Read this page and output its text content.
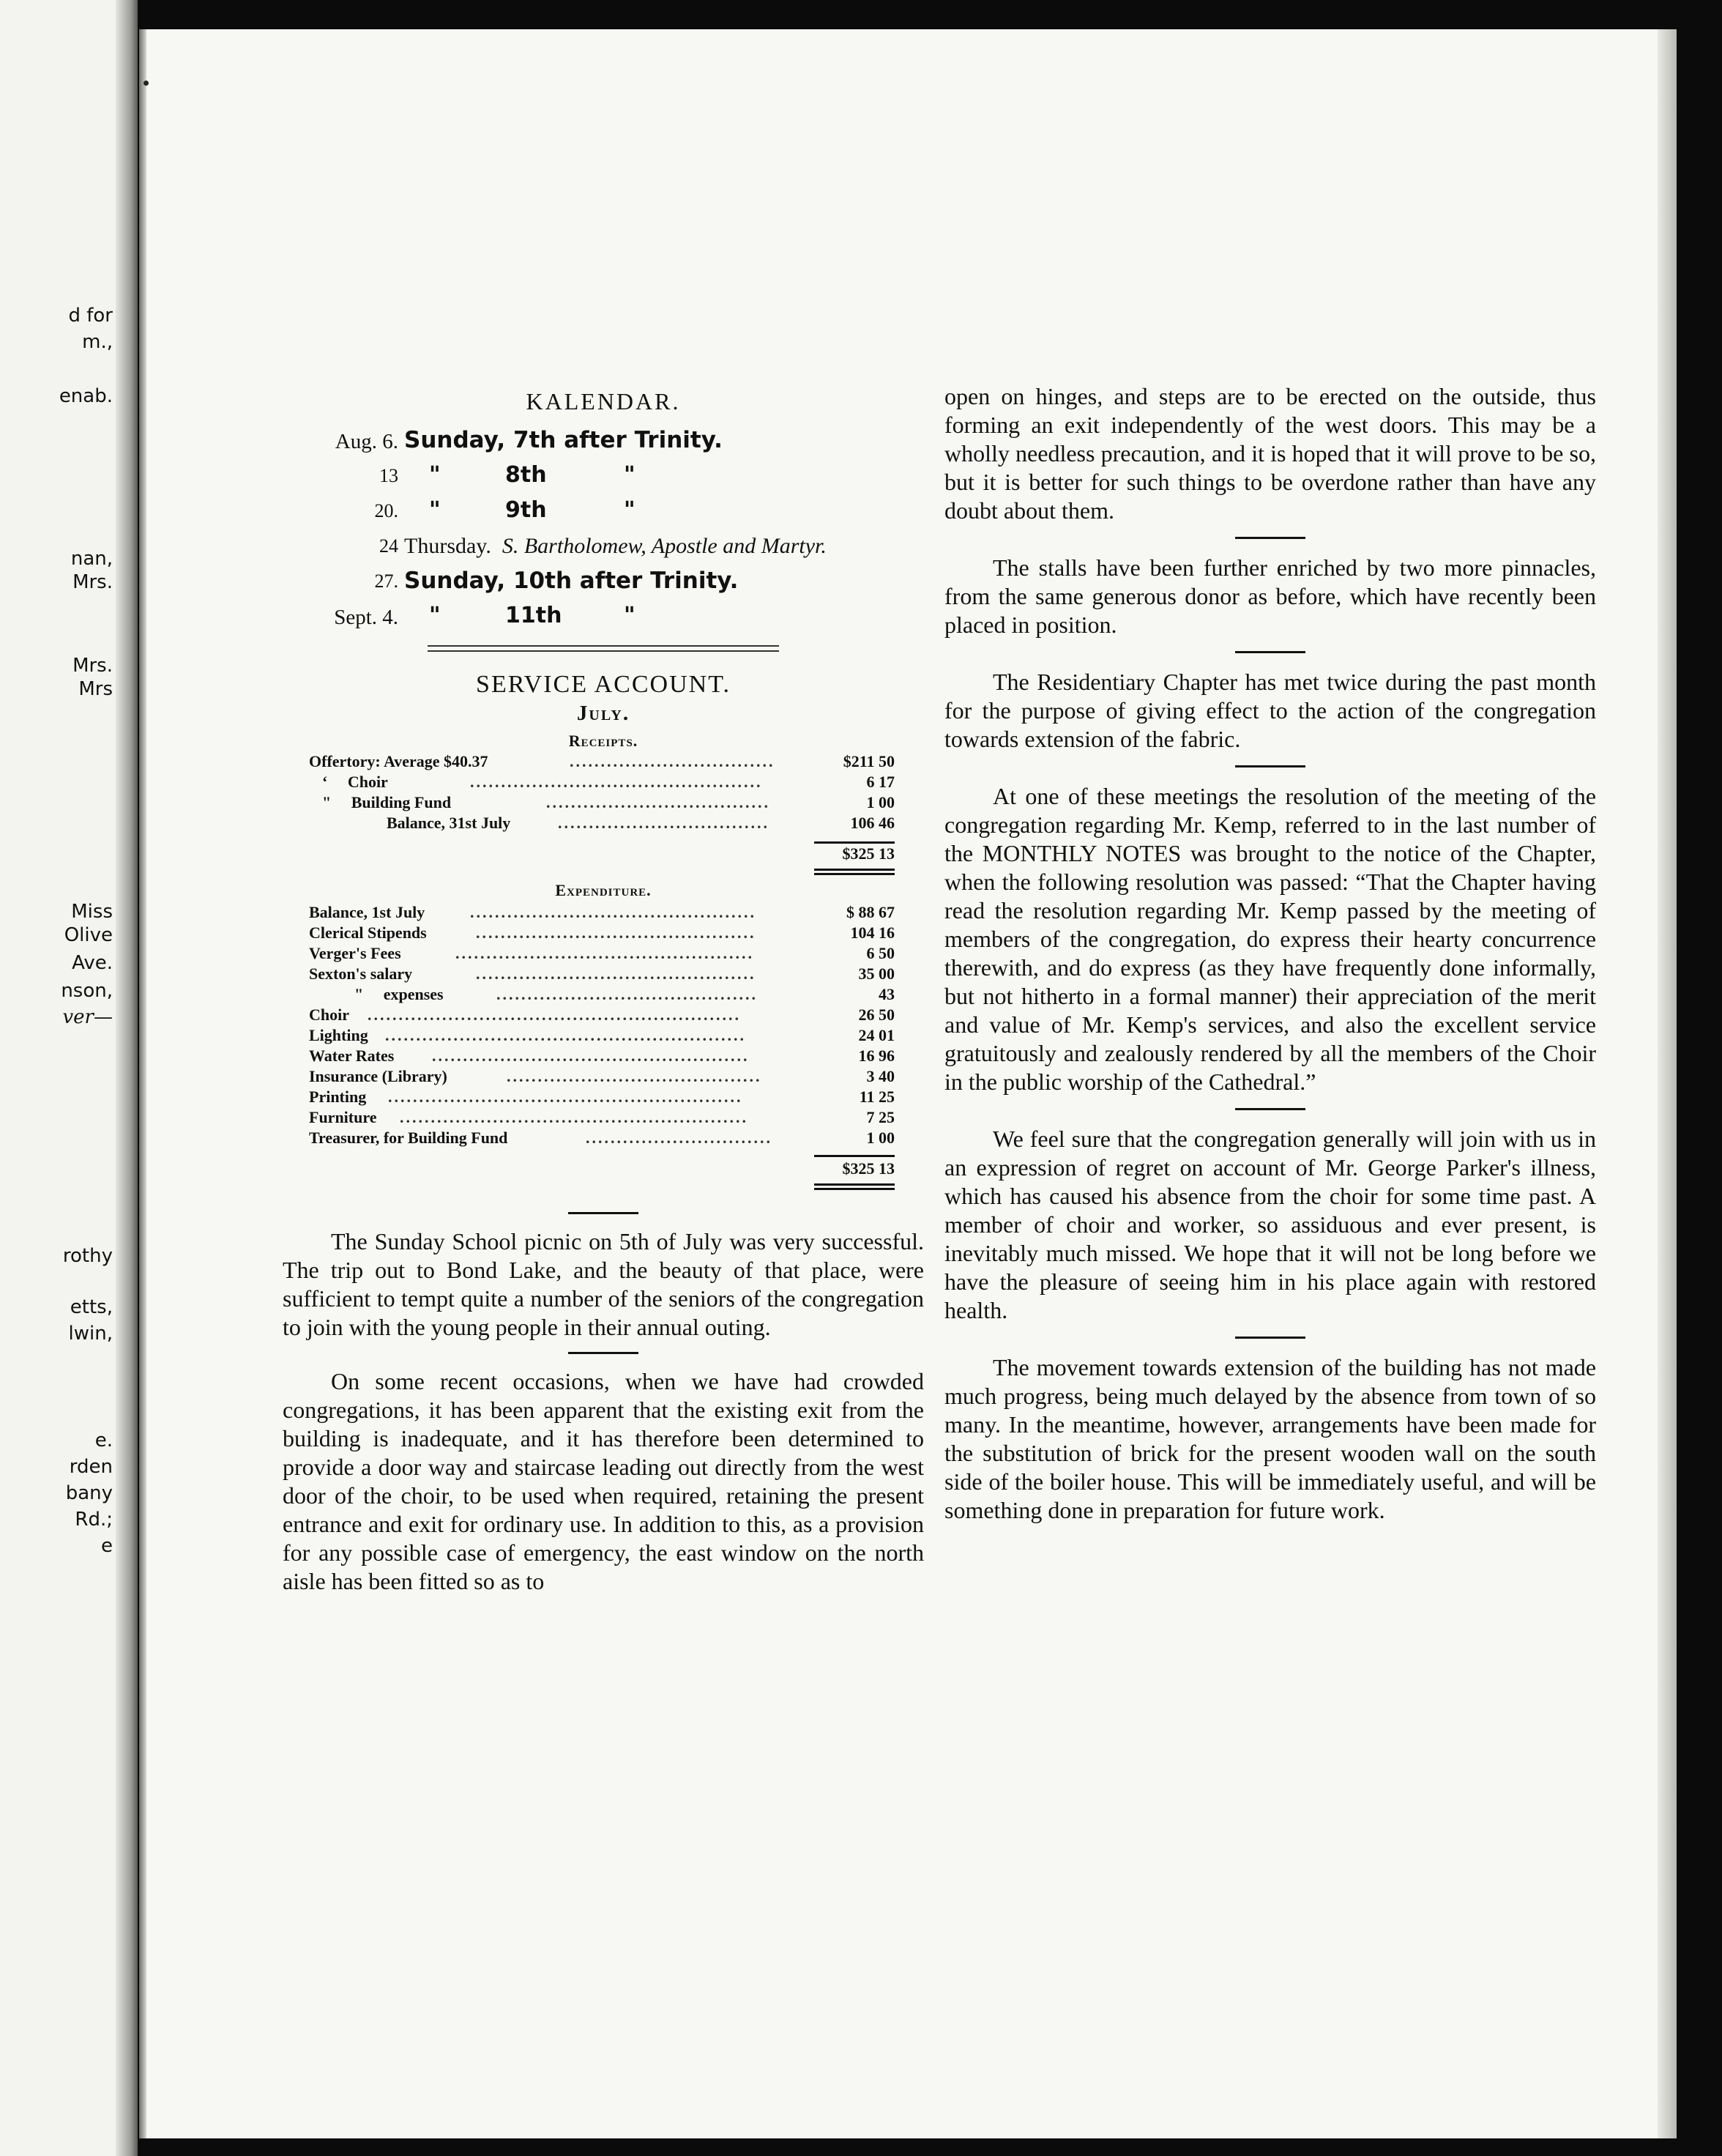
d for
m.,
enab.
nan,
Mrs.
Mrs.
Mrs
Miss
Olive
Ave.
nson,
ver—
rothy
etts,
lwin,
e.
rden
bany
Rd.;
e
KALENDAR.
Aug. 6. Sunday, 7th after Trinity.
13 "	8th	"
20. "	9th	"
24 Thursday. S. Bartholomew, Apostle and Martyr.
27. Sunday, 10th after Trinity.
Sept. 4. "	11th	"
SERVICE ACCOUNT.
July.
Receipts.
Offertory: Average $40.37	.................................	$211 50
‘     Choir	...............................................	6 17
"     Building Fund	....................................	1 00
Balance, 31st July	..................................	106 46
$325 13
Expenditure.
Balance, 1st July	..............................................	$ 88 67
Clerical Stipends	.............................................	104 16
Verger's Fees	................................................	6 50
Sexton's salary	.............................................	35 00
"     expenses	..........................................	43
Choir ............................................................	26 50
Lighting ..........................................................	24 01
Water Rates ...................................................	16 96
Insurance (Library)	.........................................	3 40
Printing .........................................................	11 25
Furniture ........................................................	7 25
Treasurer, for Building Fund	..............................	1 00
$325 13

The Sunday School picnic on 5th of July was very successful. The trip out to Bond Lake, and the beauty of that place, were sufficient to tempt quite a number of the seniors of the congregation to join with the young people in their annual outing.

On some recent occasions, when we have had crowded congregations, it has been apparent that the existing exit from the building is inadequate, and it has therefore been determined to provide a door way and staircase leading out directly from the west door of the choir, to be used when required, retaining the present entrance and exit for ordinary use. In addition to this, as a provision for any possible case of emergency, the east window on the north aisle has been fitted so as to

open on hinges, and steps are to be erected on the outside, thus forming an exit independently of the west doors. This may be a wholly needless precaution, and it is hoped that it will prove to be so, but it is better for such things to be overdone rather than have any doubt about them.

The stalls have been further enriched by two more pinnacles, from the same generous donor as before, which have recently been placed in position.

The Residentiary Chapter has met twice during the past month for the purpose of giving effect to the action of the congregation towards extension of the fabric.

At one of these meetings the resolution of the meeting of the congregation regarding Mr. Kemp, referred to in the last number of the MONTHLY NOTES was brought to the notice of the Chapter, when the following resolution was passed: “That the Chapter having read the resolution regarding Mr. Kemp passed by the meeting of members of the congregation, do express their hearty concurrence therewith, and do express (as they have frequently done informally, but not hitherto in a formal manner) their appreciation of the merit and value of Mr. Kemp's services, and also the excellent service gratuitously and zealously rendered by all the members of the Choir in the public worship of the Cathedral.”

We feel sure that the congregation generally will join with us in an expression of regret on account of Mr. George Parker's illness, which has caused his absence from the choir for some time past. A member of choir and worker, so assiduous and ever present, is inevitably much missed. We hope that it will not be long before we have the pleasure of seeing him in his place again with restored health.

The movement towards extension of the building has not made much progress, being much delayed by the absence from town of so many. In the meantime, however, arrangements have been made for the substitution of brick for the present wooden wall on the south side of the boiler house. This will be immediately useful, and will be something done in preparation for future work.
